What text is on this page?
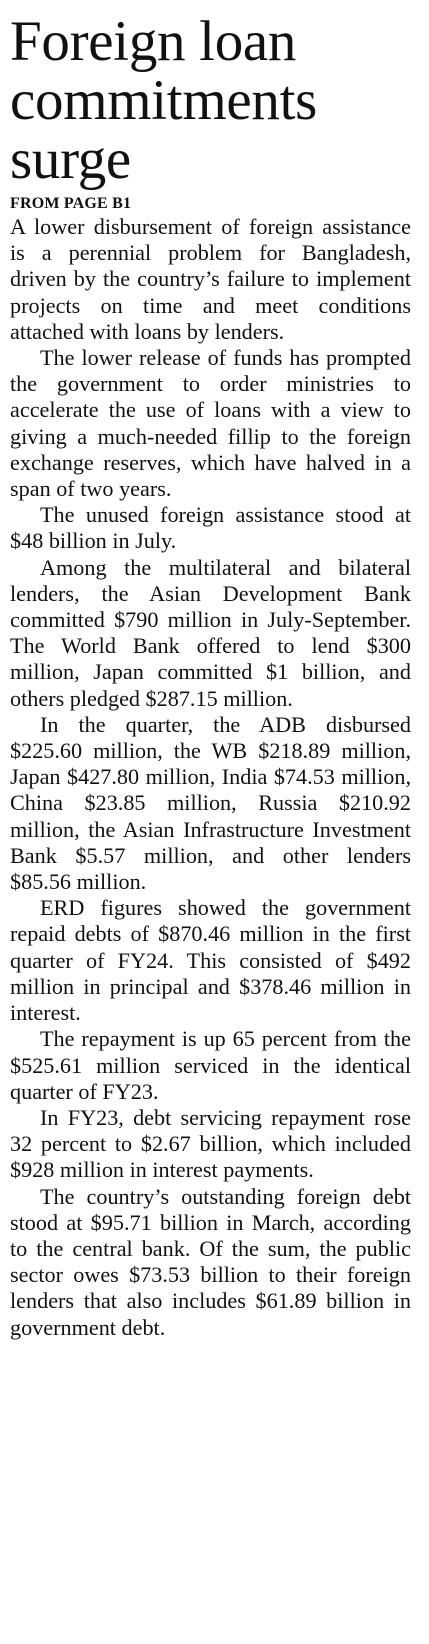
Foreign loan commitments surge
FROM PAGE B1

A lower disbursement of foreign assistance is a perennial problem for Bangladesh, driven by the country’s failure to implement projects on time and meet conditions attached with loans by lenders.

The lower release of funds has prompted the government to order ministries to accelerate the use of loans with a view to giving a much-needed fillip to the foreign exchange reserves, which have halved in a span of two years.

The unused foreign assistance stood at $48 billion in July.

Among the multilateral and bilateral lenders, the Asian Development Bank committed $790 million in July-September. The World Bank offered to lend $300 million, Japan committed $1 billion, and others pledged $287.15 million.

In the quarter, the ADB disbursed $225.60 million, the WB $218.89 million, Japan $427.80 million, India $74.53 million, China $23.85 million, Russia $210.92 million, the Asian Infrastructure Investment Bank $5.57 million, and other lenders $85.56 million.

ERD figures showed the government repaid debts of $870.46 million in the first quarter of FY24. This consisted of $492 million in principal and $378.46 million in interest.

The repayment is up 65 percent from the $525.61 million serviced in the identical quarter of FY23.

In FY23, debt servicing repayment rose 32 percent to $2.67 billion, which included $928 million in interest payments.

The country’s outstanding foreign debt stood at $95.71 billion in March, according to the central bank. Of the sum, the public sector owes $73.53 billion to their foreign lenders that also includes $61.89 billion in government debt.
